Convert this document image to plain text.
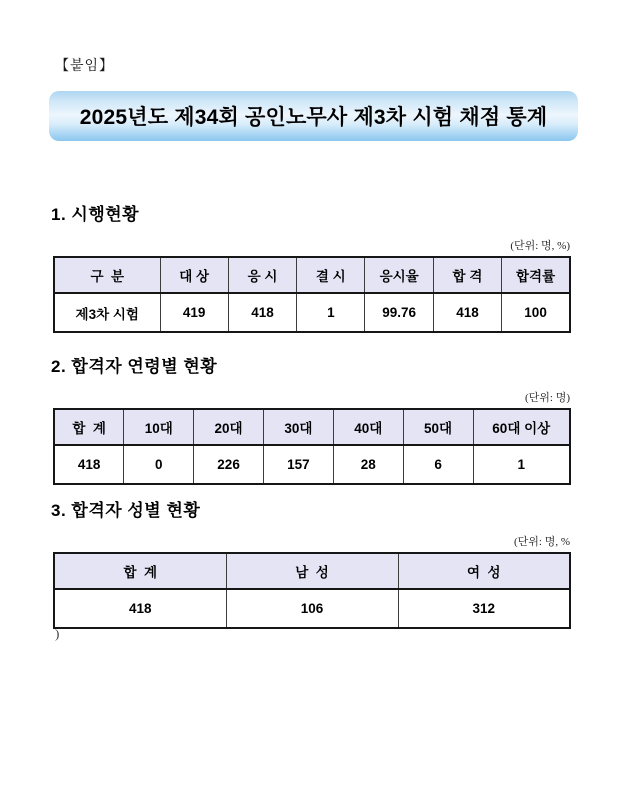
【붙임】
2025년도 제34회 공인노무사 제3차 시험 채점 통계
1. 시행현황
(단위: 명, %)
구  분	대 상	응 시	결 시	응시율	합 격	합격률
제3차 시험	419	418	1	99.76	418	100
2. 합격자 연령별 현황
(단위: 명)
합  계	10대	20대	30대	40대	50대	60대 이상
418	0	226	157	28	6	1
3. 합격자 성별 현황
(단위: 명, %
합  계	남  성	여  성
418	106	312
)
